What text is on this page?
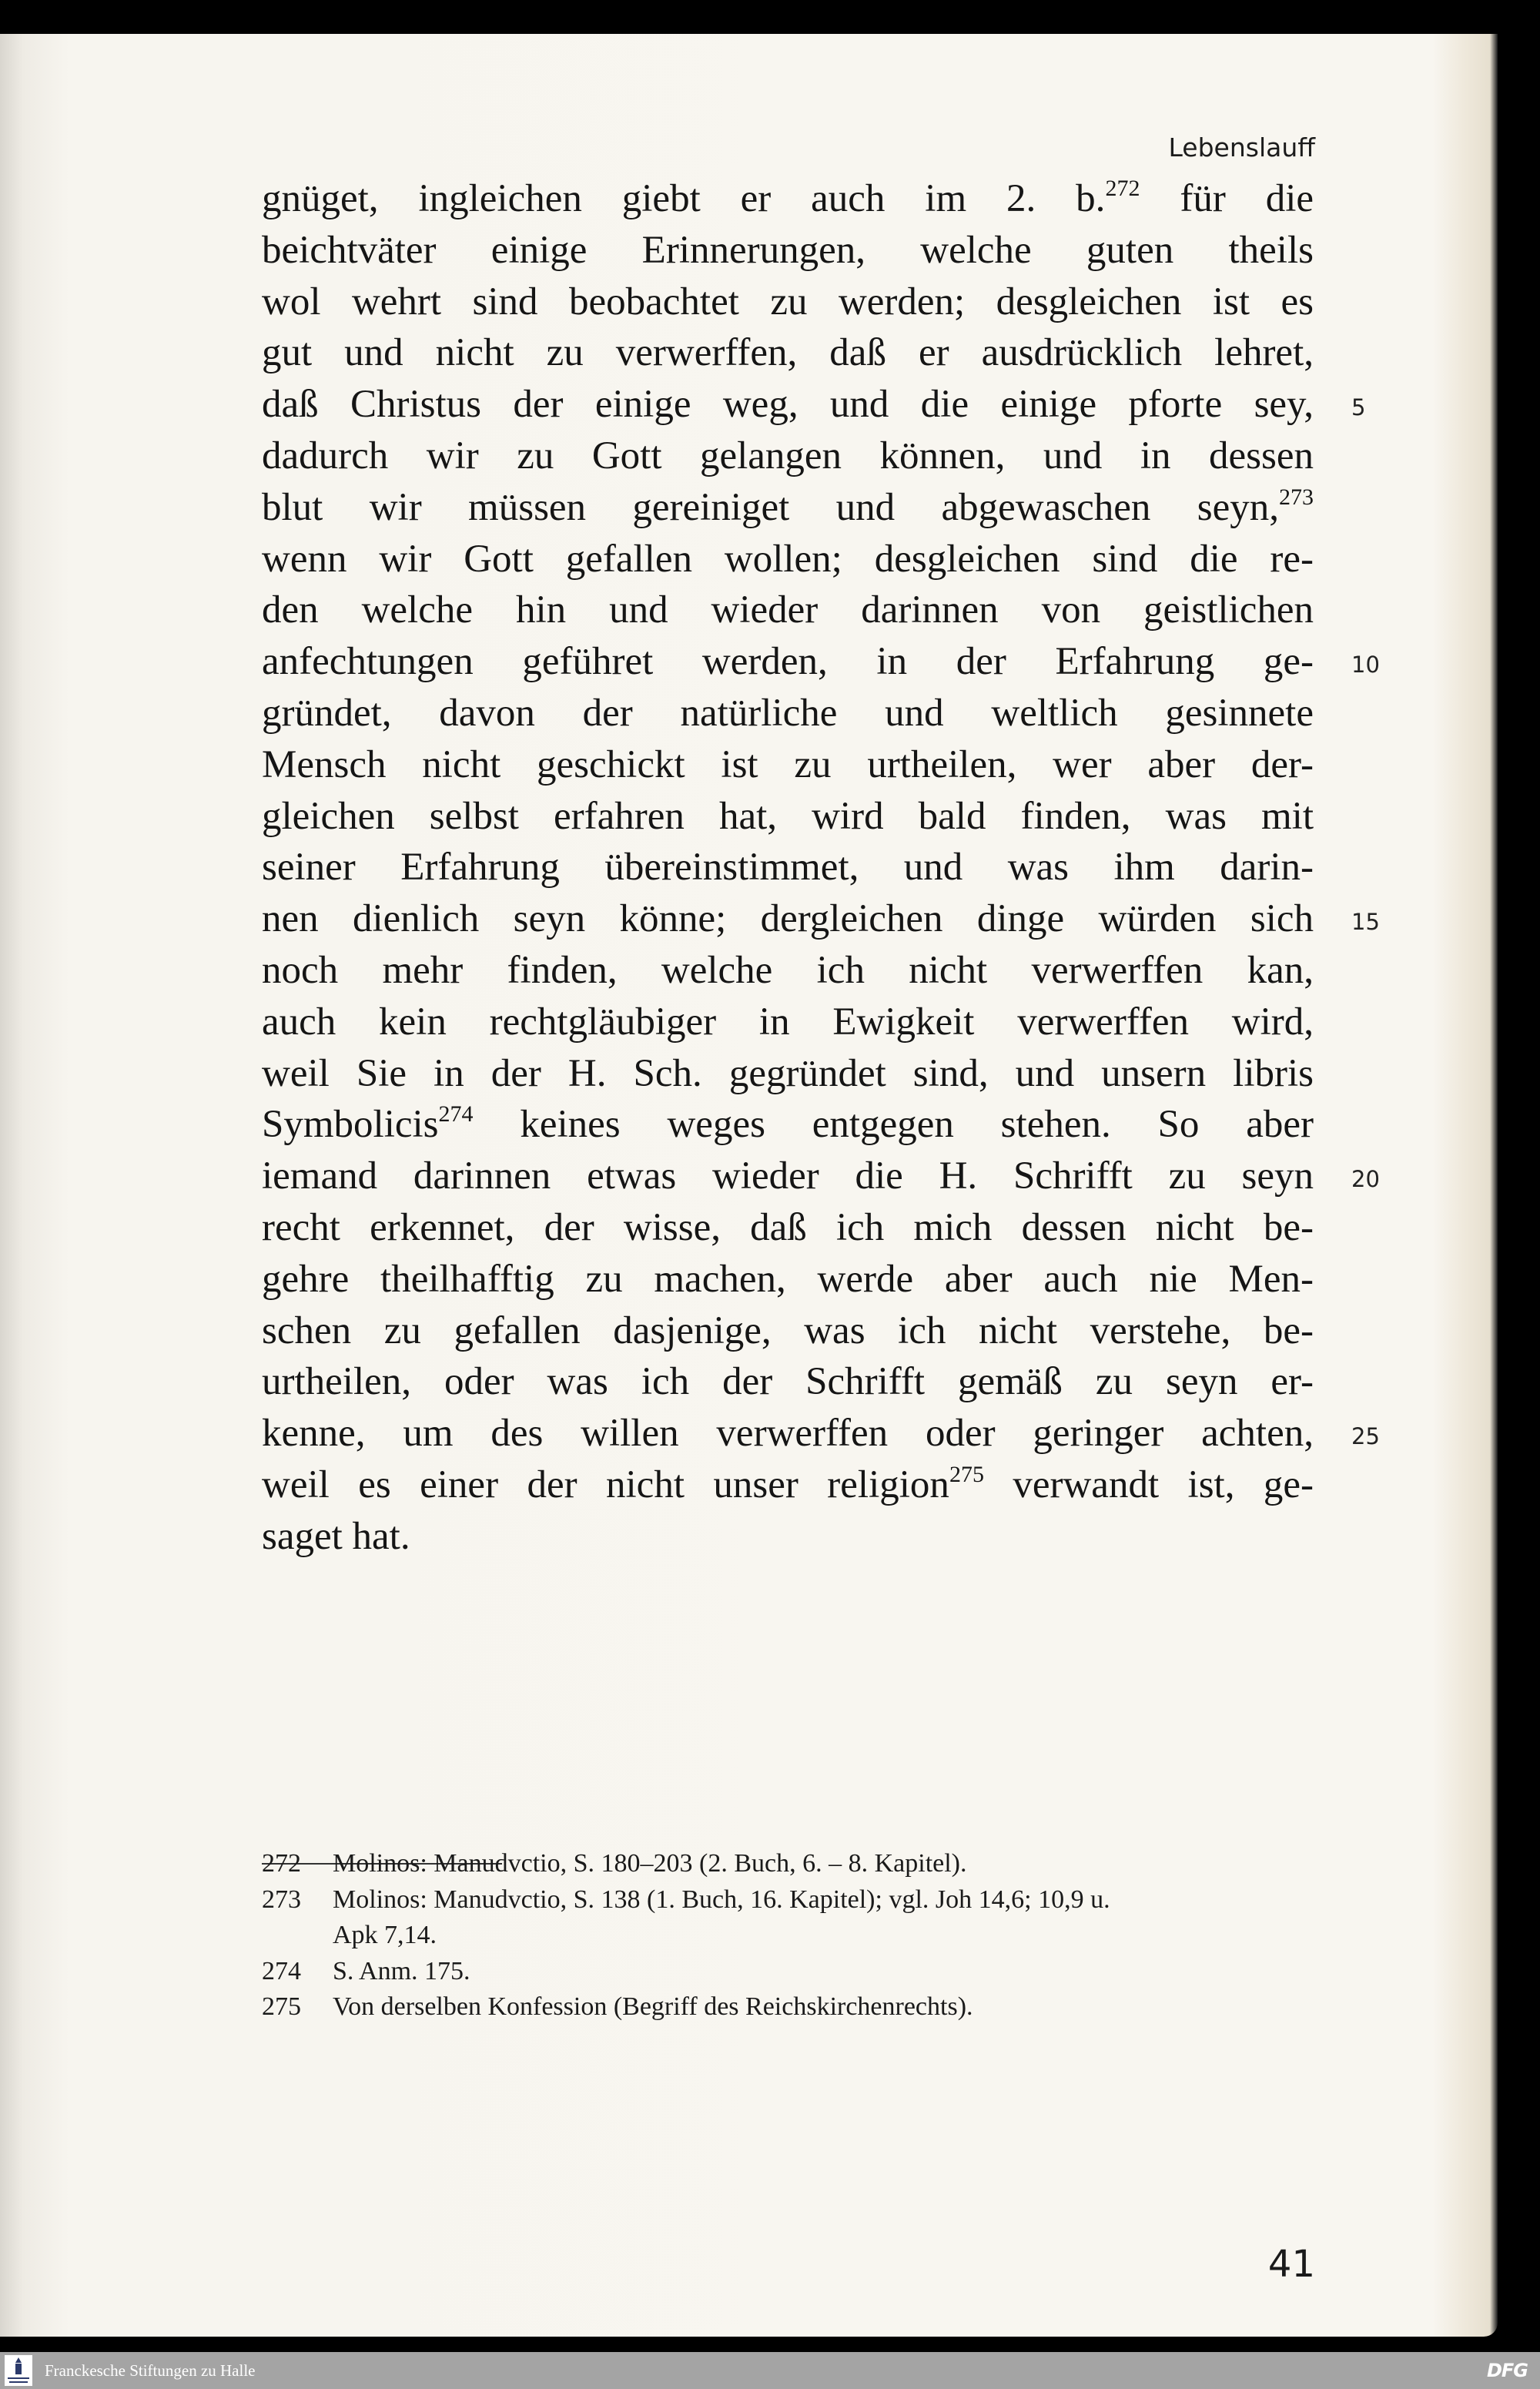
Lebenslauff
gnüget, ingleichen giebt er auch im 2. b.$^{272}$ für die
beichtväter einige Erinnerungen, welche guten theils
wol wehrt sind beobachtet zu werden; desgleichen ist es
gut und nicht zu verwerffen, daß er ausdrücklich lehret,
daß Christus der einige weg, und die einige pforte sey,
dadurch wir zu Gott gelangen können, und in dessen
blut wir müssen gereiniget und abgewaschen seyn,$^{273}$
wenn wir Gott gefallen wollen; desgleichen sind die re-
den welche hin und wieder darinnen von geistlichen
anfechtungen geführet werden, in der Erfahrung ge-
gründet, davon der natürliche und weltlich gesinnete
Mensch nicht geschickt ist zu urtheilen, wer aber der-
gleichen selbst erfahren hat, wird bald finden, was mit
seiner Erfahrung übereinstimmet, und was ihm darin-
nen dienlich seyn könne; dergleichen dinge würden sich
noch mehr finden, welche ich nicht verwerffen kan,
auch kein rechtgläubiger in Ewigkeit verwerffen wird,
weil Sie in der H. Sch. gegründet sind, und unsern libris
Symbolicis$^{274}$ keines weges entgegen stehen. So aber
iemand darinnen etwas wieder die H. Schrifft zu seyn
recht erkennet, der wisse, daß ich mich dessen nicht be-
gehre theilhafftig zu machen, werde aber auch nie Men-
schen zu gefallen dasjenige, was ich nicht verstehe, be-
urtheilen, oder was ich der Schrifft gemäß zu seyn er-
kenne, um des willen verwerffen oder geringer achten,
weil es einer der nicht unser religion$^{275}$ verwandt ist, ge-
saget hat.
5
10
15
20
25
272 Molinos: Manudvctio, S. 180–203 (2. Buch, 6. – 8. Kapitel).
273 Molinos: Manudvctio, S. 138 (1. Buch, 16. Kapitel); vgl. Joh 14,6; 10,9 u.
Apk 7,14.
274 S. Anm. 175.
275 Von derselben Konfession (Begriff des Reichskirchenrechts).
41
Franckesche Stiftungen zu Halle	DFG
